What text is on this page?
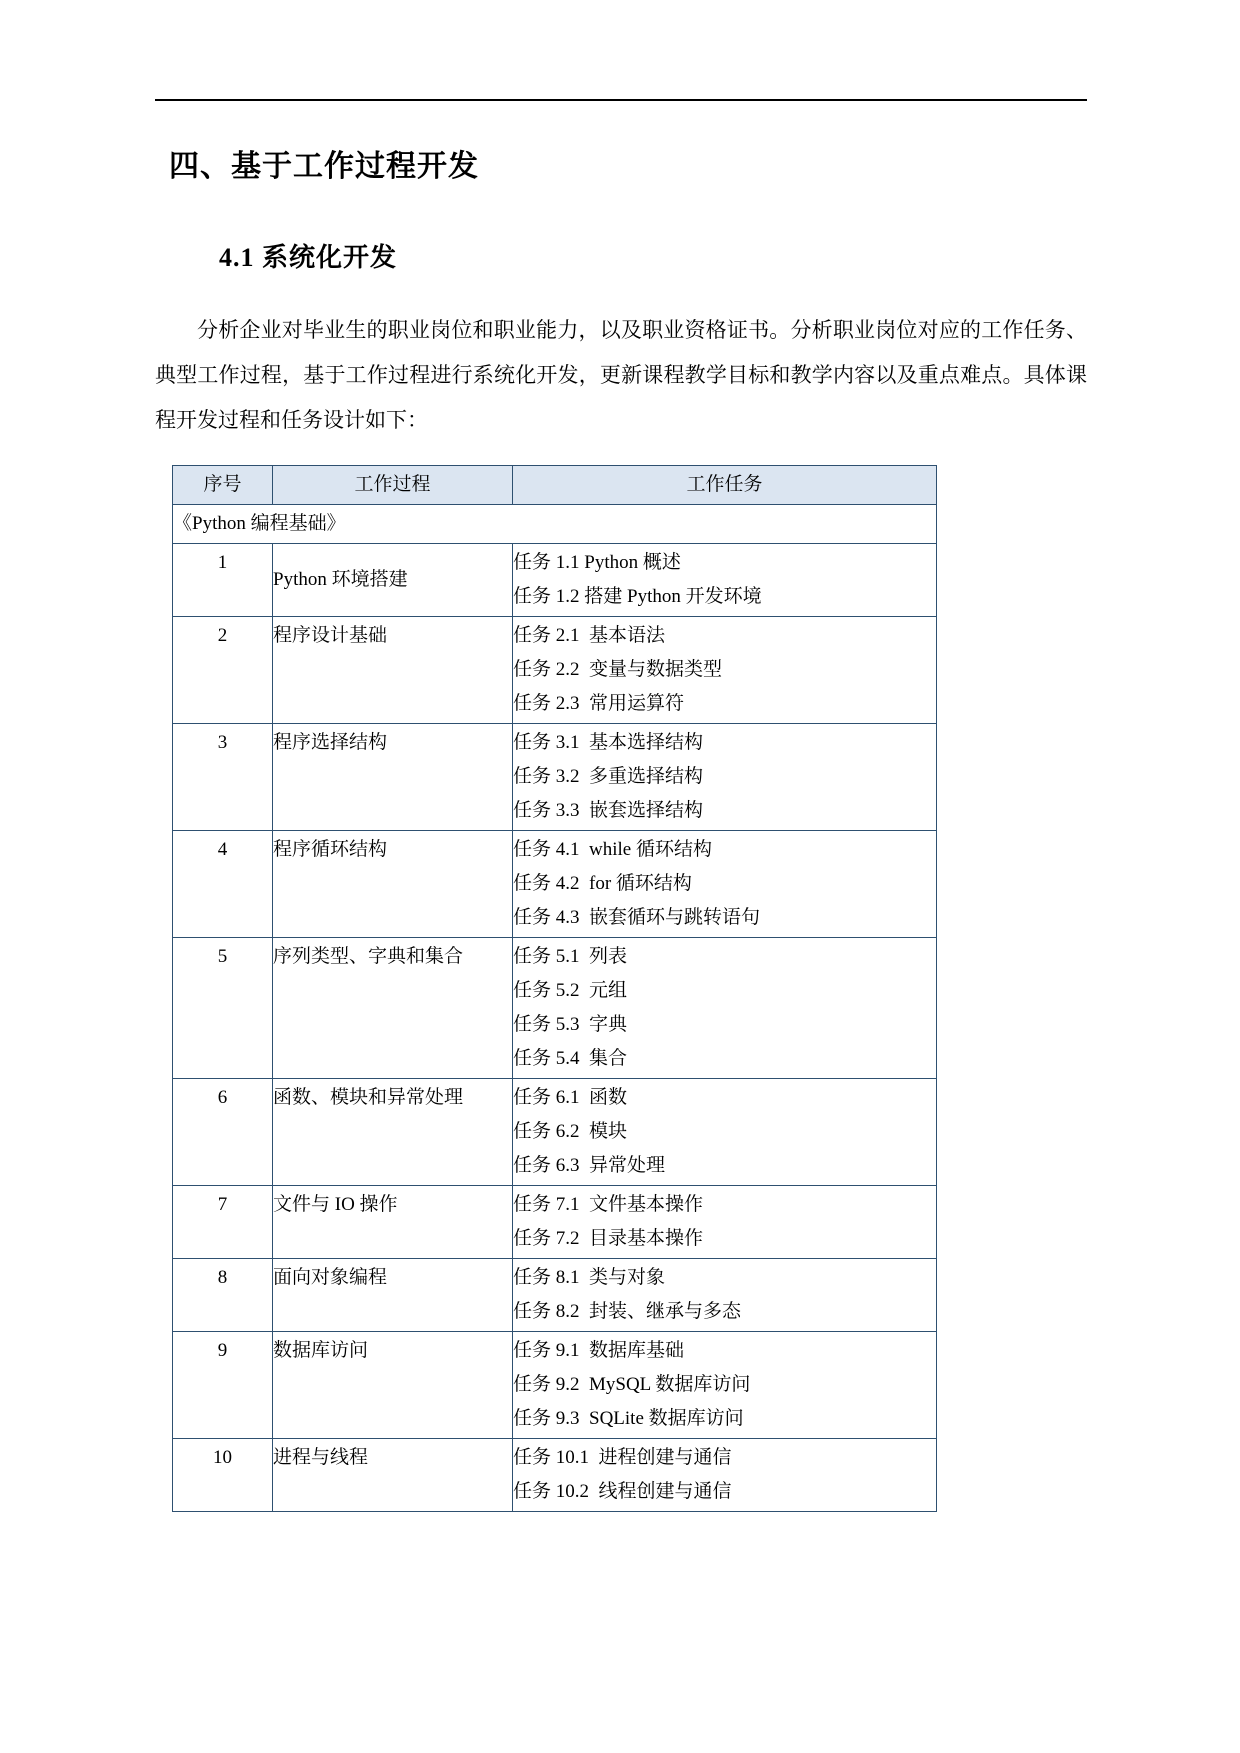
四、基于工作过程开发
4.1 系统化开发

分析企业对毕业生的职业岗位和职业能力，以及职业资格证书。分析职业岗位对应的工作任务、典型工作过程，基于工作过程进行系统化开发，更新课程教学目标和教学内容以及重点难点。具体课程开发过程和任务设计如下：

序号	工作过程	工作任务
《Python 编程基础》		
1	Python 环境搭建	任务 1.1 Python 概述
任务 1.2 搭建 Python 开发环境

2	程序设计基础	任务 2.1  基本语法
任务 2.2  变量与数据类型
任务 2.3  常用运算符

3	程序选择结构	任务 3.1  基本选择结构
任务 3.2  多重选择结构
任务 3.3  嵌套选择结构

4	程序循环结构	任务 4.1  while 循环结构
任务 4.2  for 循环结构
任务 4.3  嵌套循环与跳转语句

5	序列类型、字典和集合	任务 5.1  列表
任务 5.2  元组
任务 5.3  字典
任务 5.4  集合

6	函数、模块和异常处理	任务 6.1  函数
任务 6.2  模块
任务 6.3  异常处理

7	文件与 IO 操作	任务 7.1  文件基本操作
任务 7.2  目录基本操作

8	面向对象编程	任务 8.1  类与对象
任务 8.2  封装、继承与多态

9	数据库访问	任务 9.1  数据库基础
任务 9.2  MySQL 数据库访问
任务 9.3  SQLite 数据库访问

10	进程与线程	任务 10.1  进程创建与通信
任务 10.2  线程创建与通信
